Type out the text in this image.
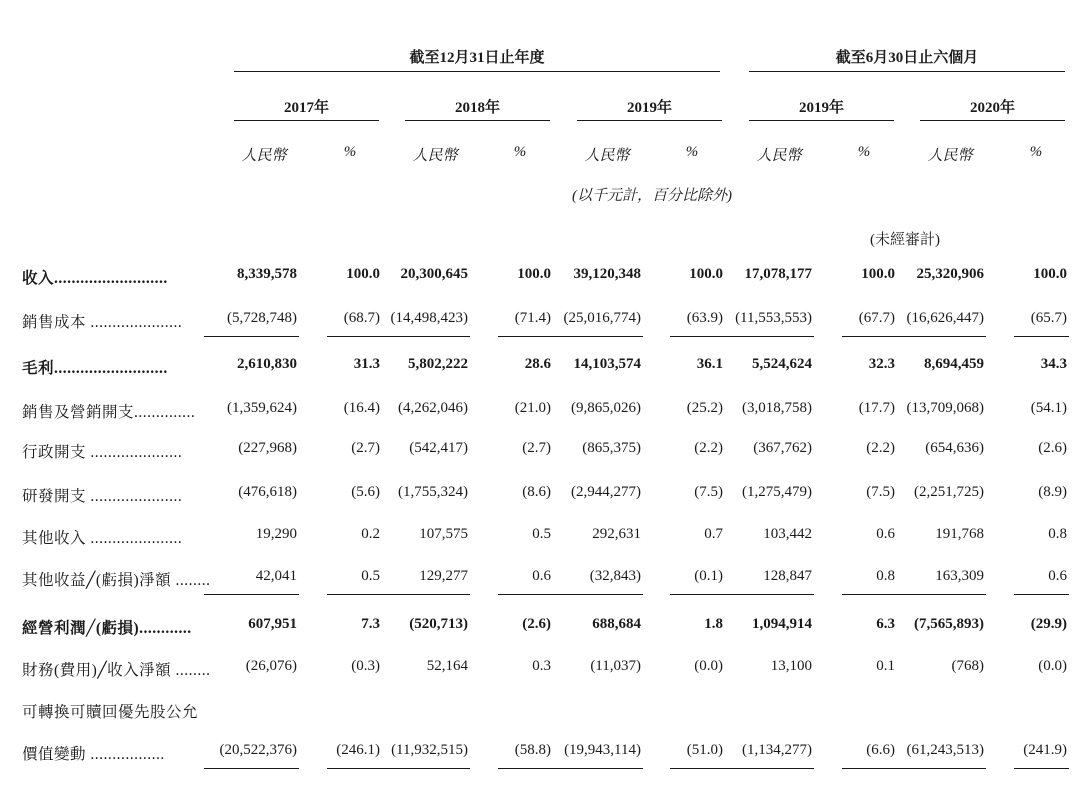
截至12月31日止年度	截至6月30日止六個月
2017年	2018年	2019年	2019年	2020年
人民幣	%	人民幣	%	人民幣	%	人民幣	%	人民幣	%
(以千元計，百分比除外)
(未經審計)
收入..........................	8,339,578	100.0	20,300,645	100.0	39,120,348	100.0	17,078,177	100.0	25,320,906	100.0
銷售成本 .....................	(5,728,748)	(68.7) (14,498,423)	(71.4) (25,016,774)	(63.9) (11,553,553)	(67.7) (16,626,447)	(65.7)
毛利..........................	2,610,830	31.3	5,802,222	28.6	14,103,574	36.1	5,524,624	32.3	8,694,459	34.3
銷售及營銷開支..............	(1,359,624)	(16.4)	(4,262,046)	(21.0)	(9,865,026)	(25.2)	(3,018,758)	(17.7) (13,709,068)	(54.1)
行政開支 .....................	(227,968)	(2.7)	(542,417)	(2.7)	(865,375)	(2.2)	(367,762)	(2.2)	(654,636)	(2.6)
研發開支 .....................	(476,618)	(5.6)	(1,755,324)	(8.6)	(2,944,277)	(7.5)	(1,275,479)	(7.5)	(2,251,725)	(8.9)
其他收入 .....................	19,290	0.2	107,575	0.5	292,631	0.7	103,442	0.6	191,768	0.8
其他收益╱(虧損)淨額 ........	42,041	0.5	129,277	0.6	(32,843)	(0.1)	128,847	0.8	163,309	0.6
經營利潤╱(虧損)............	607,951	7.3	(520,713)	(2.6)	688,684	1.8	1,094,914	6.3	(7,565,893)	(29.9)
財務(費用)╱收入淨額 ........	(26,076)	(0.3)	52,164	0.3	(11,037)	(0.0)	13,100	0.1	(768)	(0.0)
可轉換可贖回優先股公允
價值變動 .................	(20,522,376)	(246.1) (11,932,515)	(58.8) (19,943,114)	(51.0)	(1,134,277)	(6.6) (61,243,513)	(241.9)
